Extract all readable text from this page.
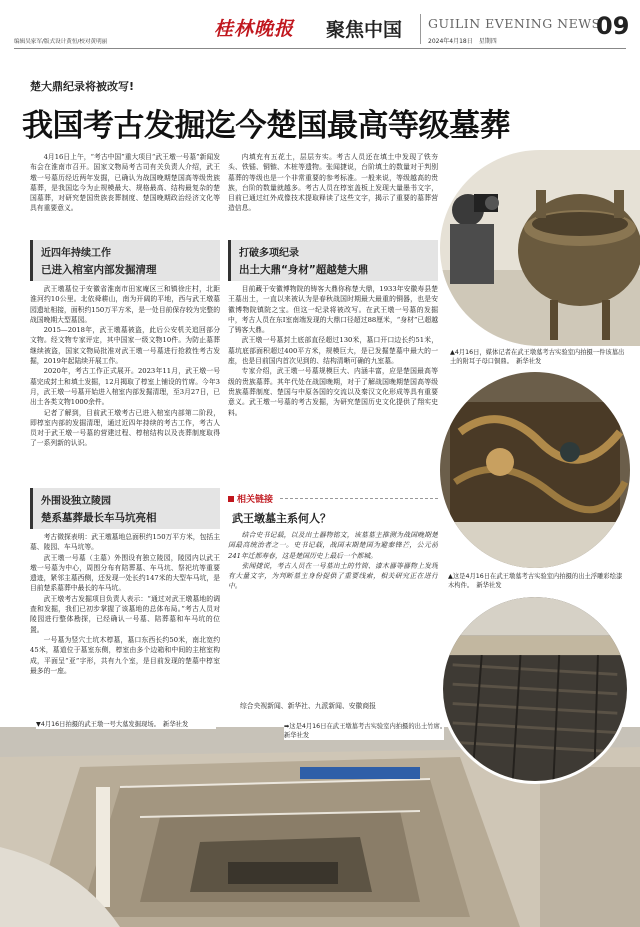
编辑吴家军/版式设计黄恒/校对黄明丽
桂林晚报 聚焦中国 GUILIN EVENING NEWS
2024年4月18日　星期四
09
楚大鼎纪录将被改写!
我国考古发掘迄今楚国最高等级墓葬
4月16日上午，“考古中国”重大项目“武王墩一号墓”新闻发布会在淮南市召开。国家文物局考古司有关负责人介绍，武王墩一号墓历经近两年发掘，已确认为战国晚期楚国高等级贵族墓葬，是我国迄今为止规模最大、规格最高、结构最复杂的楚国墓葬，对研究楚国贵族丧葬制度、楚国晚期政治经济文化等具有重要意义。
近四年持续工作
已进入棺室内部发掘清理

武王墩墓位于安徽省淮南市田家庵区三和镇徐庄村，北距淮河约10公里。北依舜耕山，南为开阔的平地，西与武王墩墓园遗址相接，面积约150万平方米，是一处目前保存较为完整的战国晚期大型墓园。

2015—2018年，武王墩墓被盗，此后公安机关追回部分文物。经文物专家评定，其中国家一级文物10件。为防止墓葬继续被盗，国家文物局批准对武王墩一号墓进行抢救性考古发掘，2019年起陆续开展工作。

2020年，考古工作正式展开。2023年11月，武王墩一号墓完成封土和填土发掘，12月揭取了椁室上铺设的竹席。今年3月，武王墩一号墓开始进入棺室内部发掘清理，至3月27日，已出土各类文物1000余件。

记者了解到，目前武王墩考古已进入棺室内部第二阶段，即椁室内部的发掘清理，通过近四年持续的考古工作，考古人员对于武王墩一号墓的营建过程、椁棺结构以及丧葬制度取得了一系列新的认识。

外围设独立陵园
楚系墓葬最长车马坑亮相

考古微探表明：武王墩墓地总面积约150万平方米，包括主墓、陵园、车马坑等。

武王墩一号墓（主墓）外围设有独立陵园，陵园内以武王墩一号墓为中心，周围分布有陪葬墓、车马坑、祭祀坑等重要遗迹，紧邻主墓西侧，还发现一处长约147米的大型车马坑，是目前楚系墓葬中最长的车马坑。

武王墩考古发掘项目负责人表示：“通过对武王墩墓地的调查和发掘，我们已初步掌握了该墓地的总体布局。”考古人员对陵园进行整体勘探，已经确认一号墓、陪葬墓和车马坑的位置。

一号墓为竖穴土坑木椁墓，墓口东西长约50米，南北宽约45米，墓道位于墓室东侧，椁室由多个边箱和中间的主棺室构成，平面呈“亚”字形，共有九个室，是目前发现的楚墓中椁室最多的一座。

内填充有五花土，层层夯实。考古人员还在填土中发现了铁夯头、铁锸、铜镞、木桩等遗物。张闻捷说，台阶填土的数量对于判别墓葬的等级也是一个非常重要的参考标准。一般来说，等级越高的贵族，台阶的数量就越多。考古人员在椁室盖板上发现大量墨书文字，目前已通过红外成像技术提取释读了这些文字，揭示了重要的墓葬营造信息。
打破多项纪录
出土大鼎“身材”超越楚大鼎

目前藏于安徽博物院的铸客大鼎你称楚大鼎，1933年安徽寿县楚王墓出土，一直以来被认为是春秋战国时期最大最重的铜器，也是安徽博物院镇院之宝。但这一纪录将被改写。在武王墩一号墓的发掘中，考古人员在东I室南端发现的大鼎口径超过88厘米，“身材”已超越了铸客大鼎。

武王墩一号墓封土底部直径超过130米，墓口开口边长约51米，墓坑底部面积超过400平方米，规模巨大，是已发掘楚墓中最大的一座，也是目前国内首次见到的、结构清晰可确的九室墓。

专家介绍，武王墩一号墓规模巨大、内涵丰富，应是楚国最高等级的贵族墓葬。其年代处在战国晚期，对于了解战国晚期楚国高等级贵族墓葬制度、楚国与中原各国的交流以及秦汉文化形成等具有重要意义。武王墩一号墓的考古发掘，为研究楚国历史文化提供了翔实史料。

相关链接
武王墩墓主系何人？

结合史书记载，以及出土器物铭文，该墓墓主推测为战国晚期楚国最高统治者之一。史书记载，战国末期楚国为避秦锋芒，公元前241年迁都寿春，这是楚国历史上最后一个都城。

张闻捷说，考古人员在一号墓出土的竹简、漆木器等器物上发现有大量文字，为判断墓主身份提供了重要线索，相关研究正在进行中。

综合央视新闻、新华社、九派新闻、安徽商报
▲4月16日，媒体记者在武王墩墓考古实验室内拍摄一件该墓出土的附耳子母口铜鼎。　新华社发
▲这是4月16日在武王墩墓考古实验室内拍摄的出土浮雕彩绘漆木构件。　新华社发
▼4月16日拍摄的武王墩一号大墓发掘现场。　新华社发	➡这是4月16日在武王墩墓考古实验室内拍摄的出土竹席。　新华社发
